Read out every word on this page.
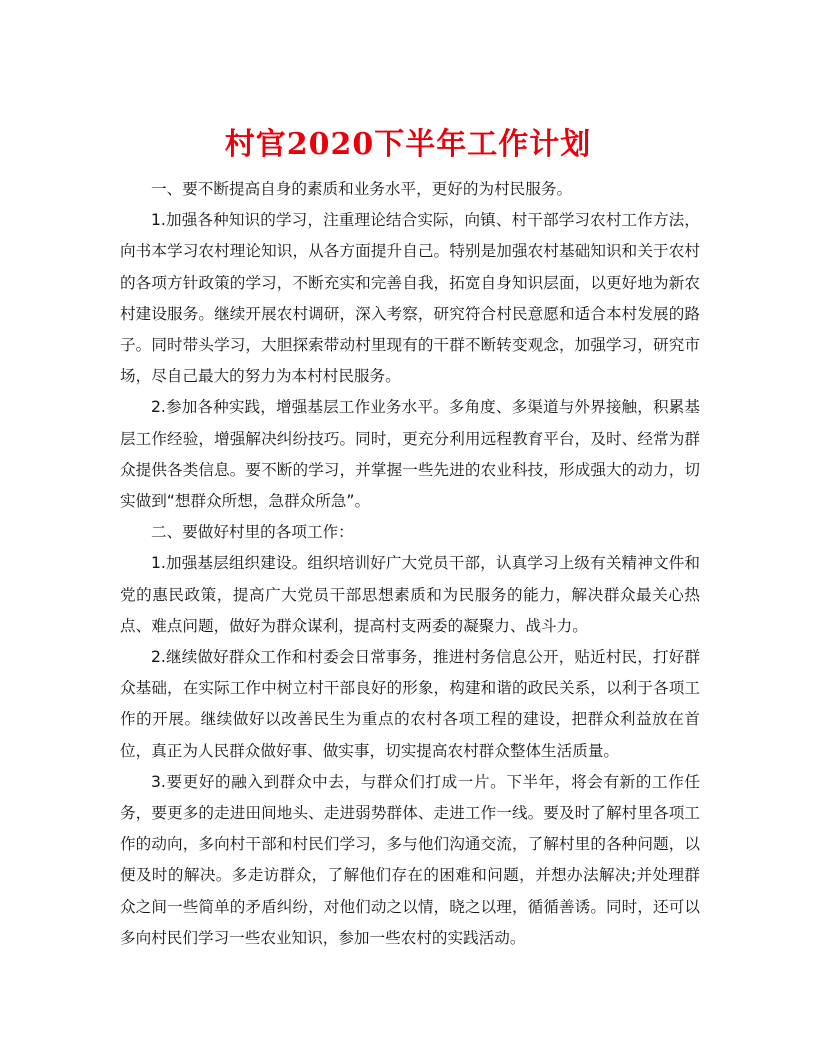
村官2020下半年工作计划

一、要不断提高自身的素质和业务水平，更好的为村民服务。

1.加强各种知识的学习，注重理论结合实际，向镇、村干部学习农村工作方法，向书本学习农村理论知识，从各方面提升自己。特别是加强农村基础知识和关于农村的各项方针政策的学习，不断充实和完善自我，拓宽自身知识层面，以更好地为新农村建设服务。继续开展农村调研，深入考察，研究符合村民意愿和适合本村发展的路子。同时带头学习，大胆探索带动村里现有的干群不断转变观念，加强学习，研究市场，尽自己最大的努力为本村村民服务。

2.参加各种实践，增强基层工作业务水平。多角度、多渠道与外界接触，积累基层工作经验，增强解决纠纷技巧。同时，更充分利用远程教育平台，及时、经常为群众提供各类信息。要不断的学习，并掌握一些先进的农业科技，形成强大的动力，切实做到“想群众所想，急群众所急”。

二、要做好村里的各项工作：

1.加强基层组织建设。组织培训好广大党员干部，认真学习上级有关精神文件和党的惠民政策，提高广大党员干部思想素质和为民服务的能力，解决群众最关心热点、难点问题，做好为群众谋利，提高村支两委的凝聚力、战斗力。

2.继续做好群众工作和村委会日常事务，推进村务信息公开，贴近村民，打好群众基础，在实际工作中树立村干部良好的形象，构建和谐的政民关系，以利于各项工作的开展。继续做好以改善民生为重点的农村各项工程的建设，把群众利益放在首位，真正为人民群众做好事、做实事，切实提高农村群众整体生活质量。

3.要更好的融入到群众中去，与群众们打成一片。下半年，将会有新的工作任务，要更多的走进田间地头、走进弱势群体、走进工作一线。要及时了解村里各项工作的动向，多向村干部和村民们学习，多与他们沟通交流，了解村里的各种问题，以便及时的解决。多走访群众，了解他们存在的困难和问题，并想办法解决;并处理群众之间一些简单的矛盾纠纷，对他们动之以情，晓之以理，循循善诱。同时，还可以多向村民们学习一些农业知识，参加一些农村的实践活动。
